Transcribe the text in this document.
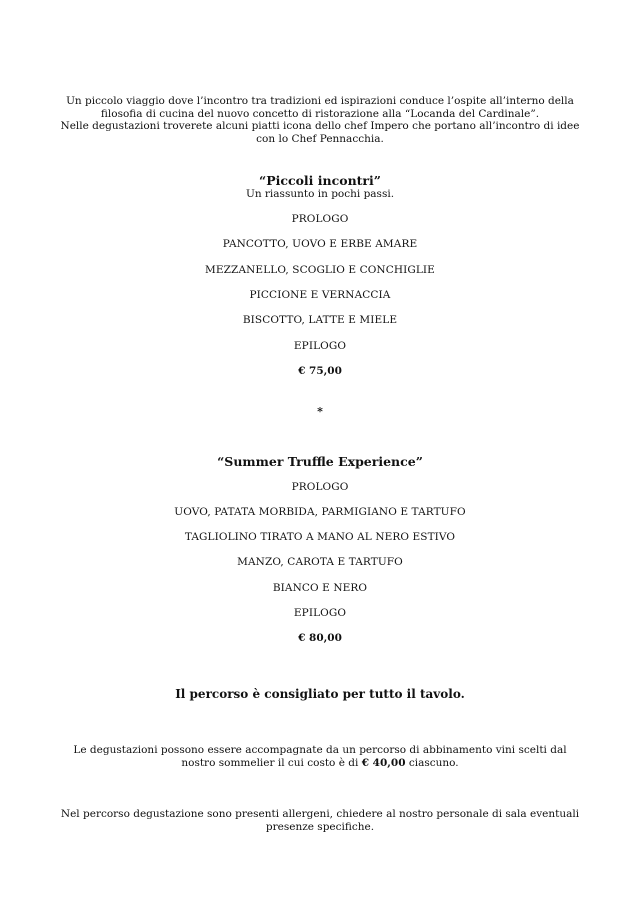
Un piccolo viaggio dove l’incontro tra tradizioni ed ispirazioni conduce l’ospite all’interno della

filosofia di cucina del nuovo concetto di ristorazione alla “Locanda del Cardinale”.

Nelle degustazioni troverete alcuni piatti icona dello chef Impero che portano all’incontro di idee

con lo Chef Pennacchia.

“Piccoli incontri”
Un riassunto in pochi passi.
PROLOGO
PANCOTTO, UOVO E ERBE AMARE
MEZZANELLO, SCOGLIO E CONCHIGLIE
PICCIONE E VERNACCIA
BISCOTTO, LATTE E MIELE
EPILOGO
€ 75,00
*
“Summer Truffle Experience”
PROLOGO
UOVO, PATATA MORBIDA, PARMIGIANO E TARTUFO
TAGLIOLINO TIRATO A MANO AL NERO ESTIVO
MANZO, CAROTA E TARTUFO
BIANCO E NERO
EPILOGO
€ 80,00
Il percorso è consigliato per tutto il tavolo.

Le degustazioni possono essere accompagnate da un percorso di abbinamento vini scelti dal

nostro sommelier il cui costo è di € 40,00 ciascuno.

Nel percorso degustazione sono presenti allergeni, chiedere al nostro personale di sala eventuali

presenze specifiche.
